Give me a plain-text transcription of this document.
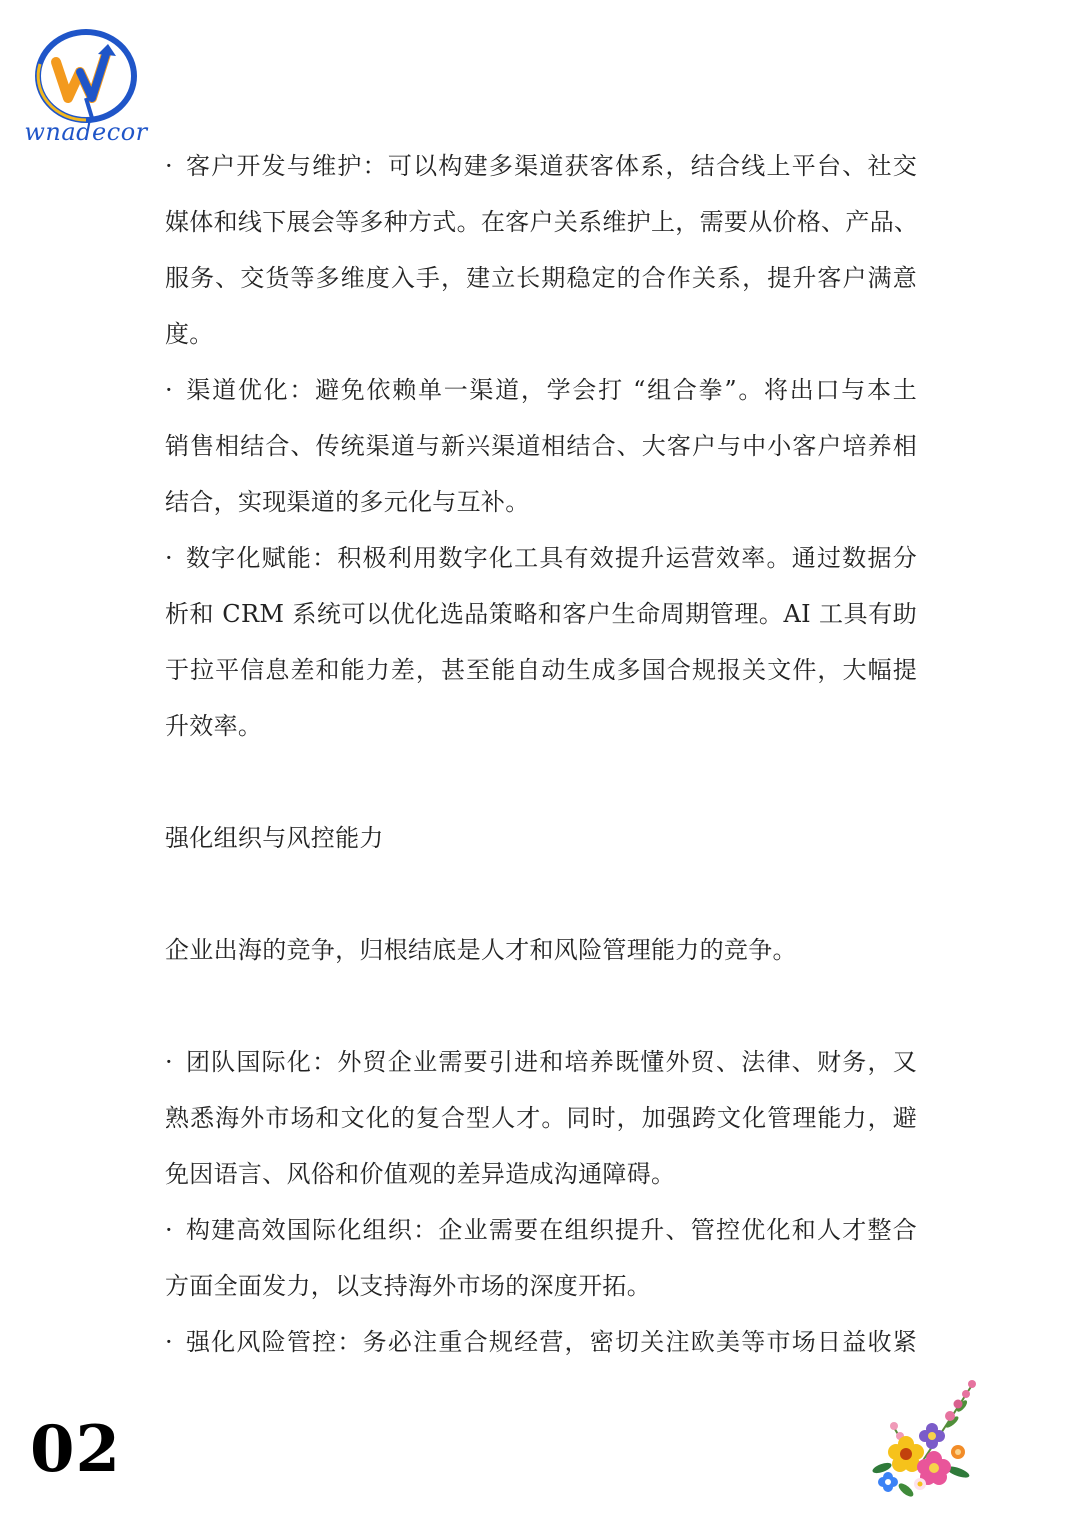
wnadecor
· 客户开发与维护：可以构建多渠道获客体系，结合线上平台、社交
媒体和线下展会等多种方式。在客户关系维护上，需要从价格、产品、
服务、交货等多维度入手，建立长期稳定的合作关系，提升客户满意
度。
· 渠道优化：避免依赖单一渠道，学会打 “组合拳”。将出口与本土
销售相结合、传统渠道与新兴渠道相结合、大客户与中小客户培养相
结合，实现渠道的多元化与互补。
· 数字化赋能：积极利用数字化工具有效提升运营效率。通过数据分
析和 CRM 系统可以优化选品策略和客户生命周期管理。AI 工具有助
于拉平信息差和能力差，甚至能自动生成多国合规报关文件，大幅提
升效率。
强化组织与风控能力
企业出海的竞争，归根结底是人才和风险管理能力的竞争。
· 团队国际化：外贸企业需要引进和培养既懂外贸、法律、财务，又
熟悉海外市场和文化的复合型人才。同时，加强跨文化管理能力，避
免因语言、风俗和价值观的差异造成沟通障碍。
· 构建高效国际化组织：企业需要在组织提升、管控优化和人才整合
方面全面发力，以支持海外市场的深度开拓。
· 强化风险管控：务必注重合规经营，密切关注欧美等市场日益收紧
02
